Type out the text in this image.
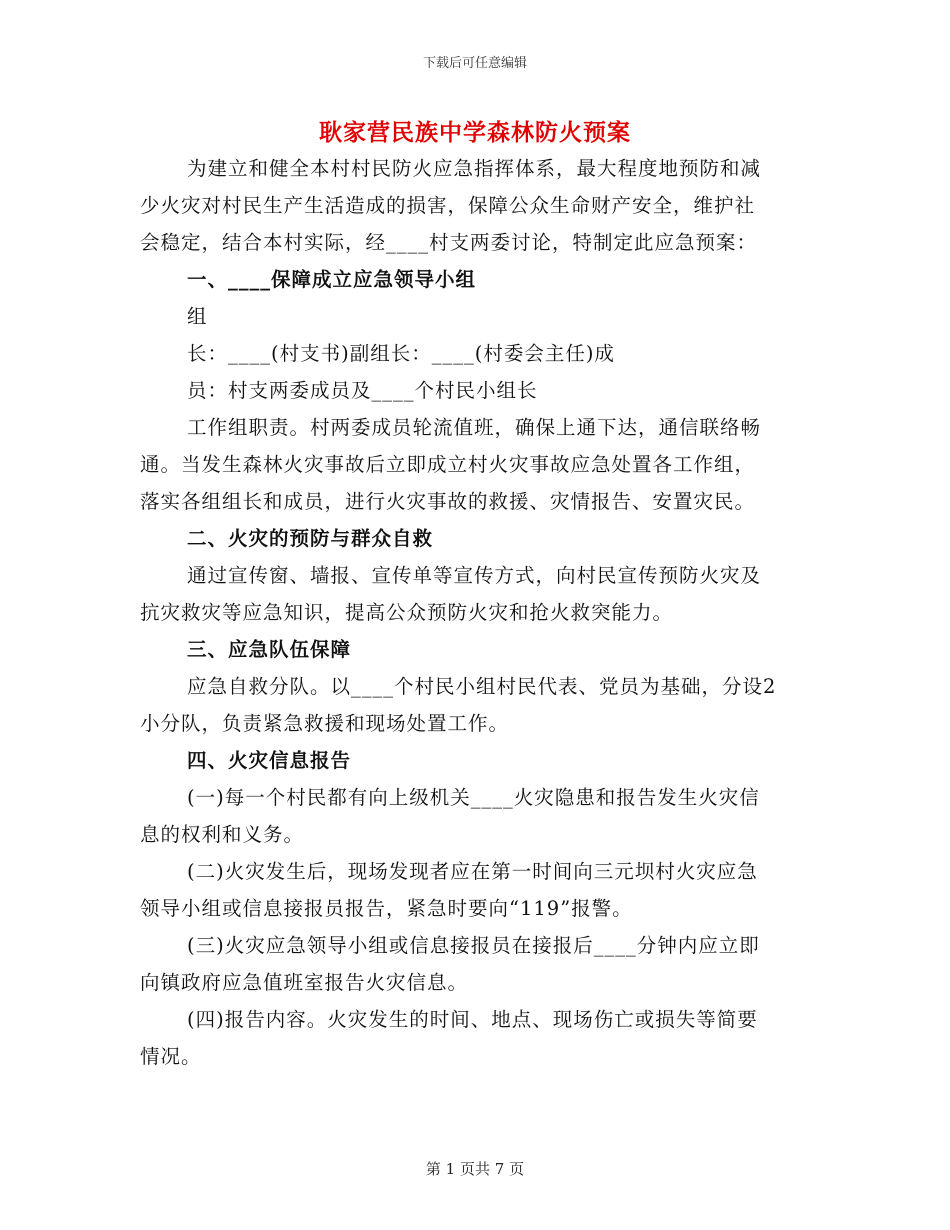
下载后可任意编辑
耿家营民族中学森林防火预案
为建立和健全本村村民防火应急指挥体系，最大程度地预防和减
少火灾对村民生产生活造成的损害，保障公众生命财产安全，维护社
会稳定，结合本村实际，经____村支两委讨论，特制定此应急预案：
一、____保障成立应急领导小组
组
长：____(村支书)副组长：____(村委会主任)成
员：村支两委成员及____个村民小组长
工作组职责。村两委成员轮流值班，确保上通下达，通信联络畅
通。当发生森林火灾事故后立即成立村火灾事故应急处置各工作组，
落实各组组长和成员，进行火灾事故的救援、灾情报告、安置灾民。
二、火灾的预防与群众自救
通过宣传窗、墙报、宣传单等宣传方式，向村民宣传预防火灾及
抗灾救灾等应急知识，提高公众预防火灾和抢火救突能力。
三、应急队伍保障
应急自救分队。以____个村民小组村民代表、党员为基础，分设2
小分队，负责紧急救援和现场处置工作。
四、火灾信息报告
(一)每一个村民都有向上级机关____火灾隐患和报告发生火灾信
息的权利和义务。
(二)火灾发生后，现场发现者应在第一时间向三元坝村火灾应急
领导小组或信息接报员报告，紧急时要向“119”报警。
(三)火灾应急领导小组或信息接报员在接报后____分钟内应立即
向镇政府应急值班室报告火灾信息。
(四)报告内容。火灾发生的时间、地点、现场伤亡或损失等简要
情况。
第 1 页共 7 页
